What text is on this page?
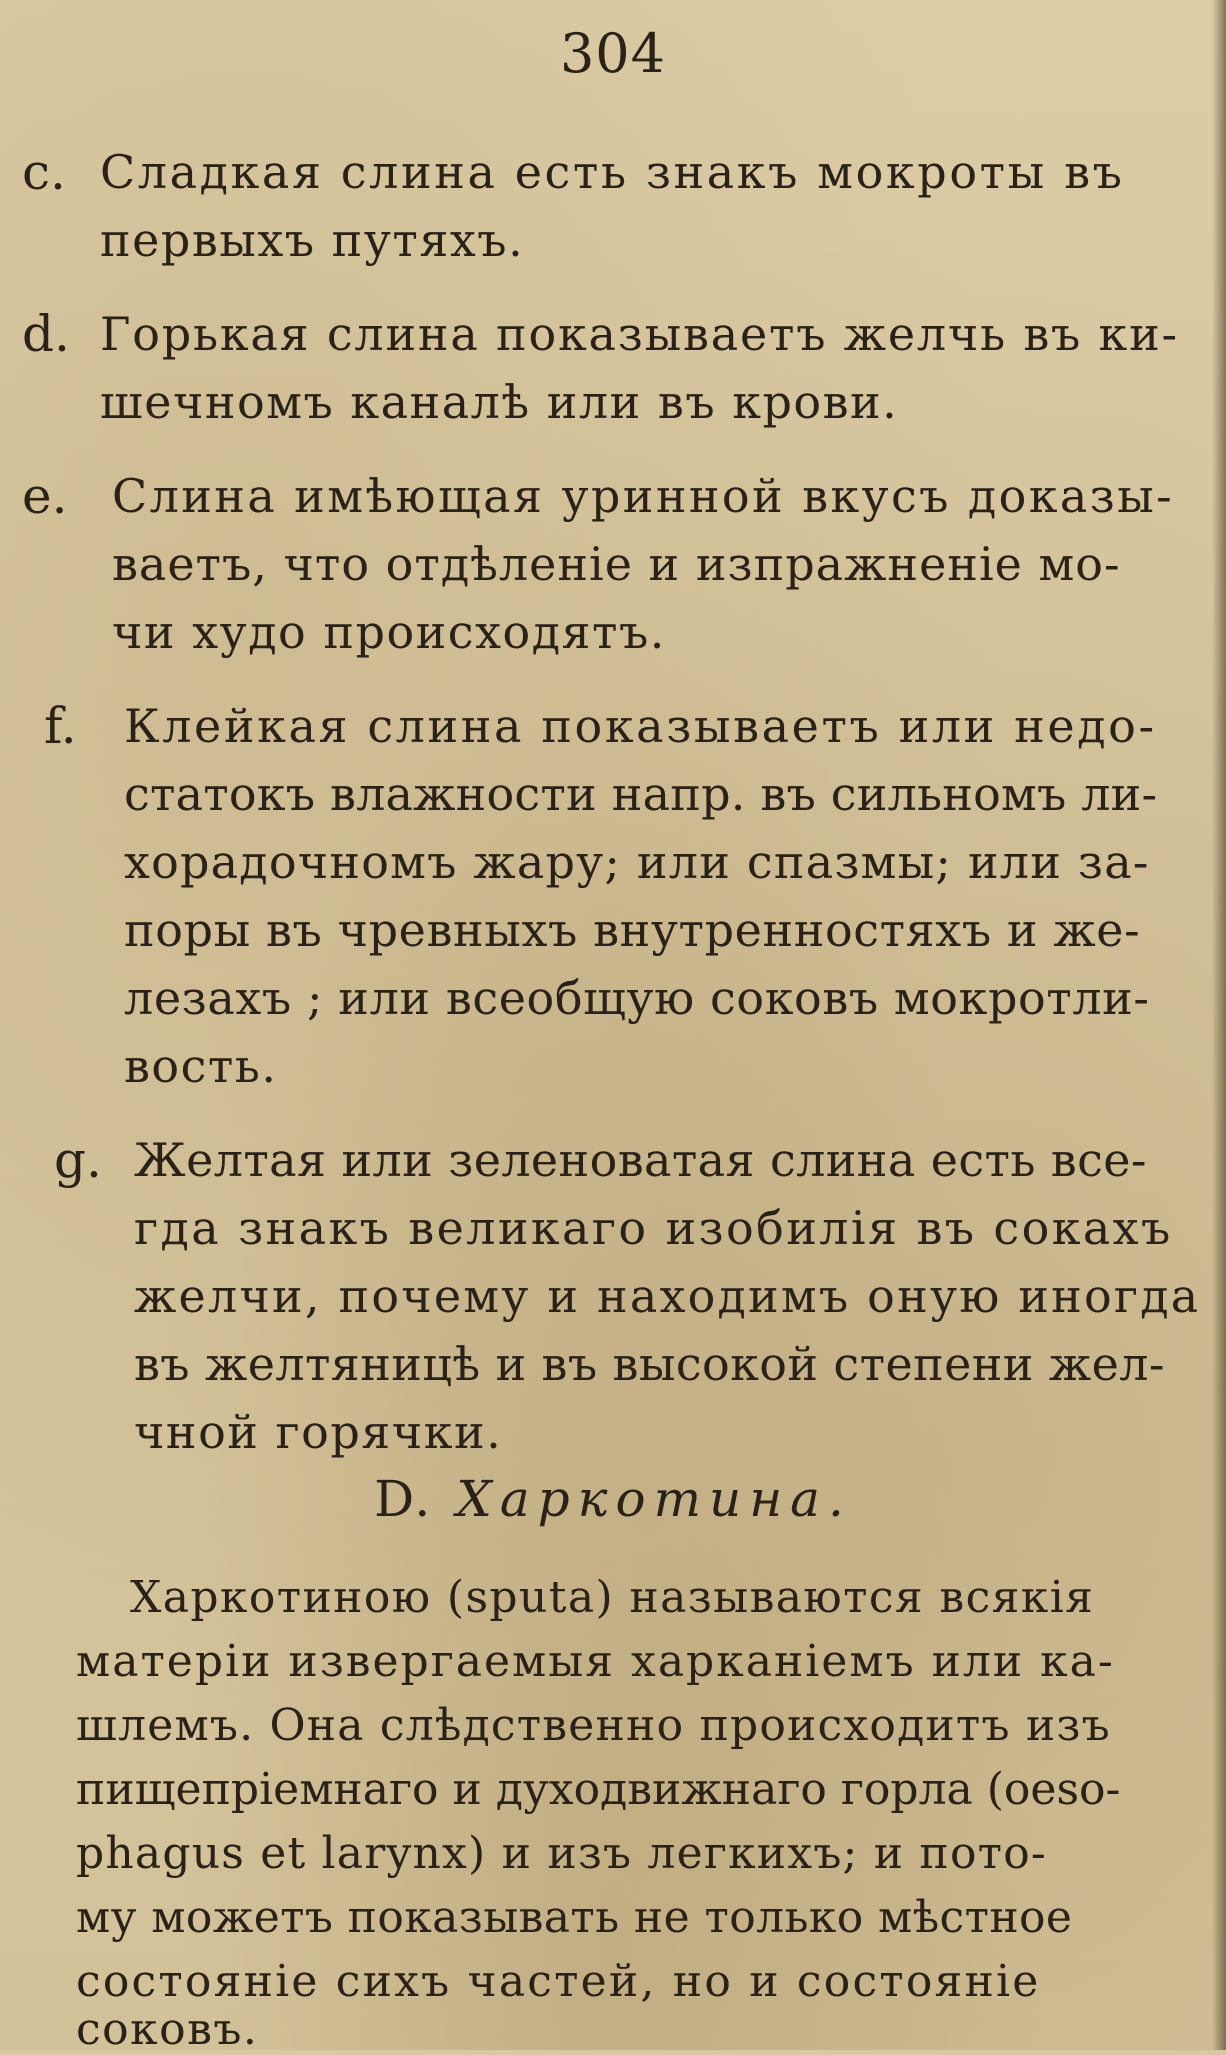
304
c. Сладкая слина есть знакъ мокроты въ
первыхъ путяхъ.
d. Горькая слина показываетъ желчь въ ки-
шечномъ каналѣ или въ крови.
e. Слина имѣющая уринной вкусъ доказы-
ваетъ, что отдѣленіе и изпражненіе мо-
чи худо происходятъ.
f. Клейкая слина показываетъ или недо-
статокъ влажности напр. въ сильномъ ли-
хорадочномъ жару; или спазмы; или за-
поры въ чревныхъ внутренностяхъ и же-
лезахъ ; или всеобщую соковъ мокротли-
вость.
g. Желтая или зеленоватая слина есть все-
гда знакъ великаго изобилія въ сокахъ
желчи, почему и находимъ оную иногда
въ желтяницѣ и въ высокой степени жел-
чной горячки.
D. Харкотина.
Харкотиною (sputa) называются всякія
матеріи извергаемыя харканіемъ или ка-
шлемъ. Она слѣдственно происходитъ изъ
пищепріемнаго и духодвижнаго горла (oeso-
phagus et larynx) и изъ легкихъ; и пото-
му можетъ показывать не только мѣстное
состояніе сихъ частей, но и состояніе
соковъ.
